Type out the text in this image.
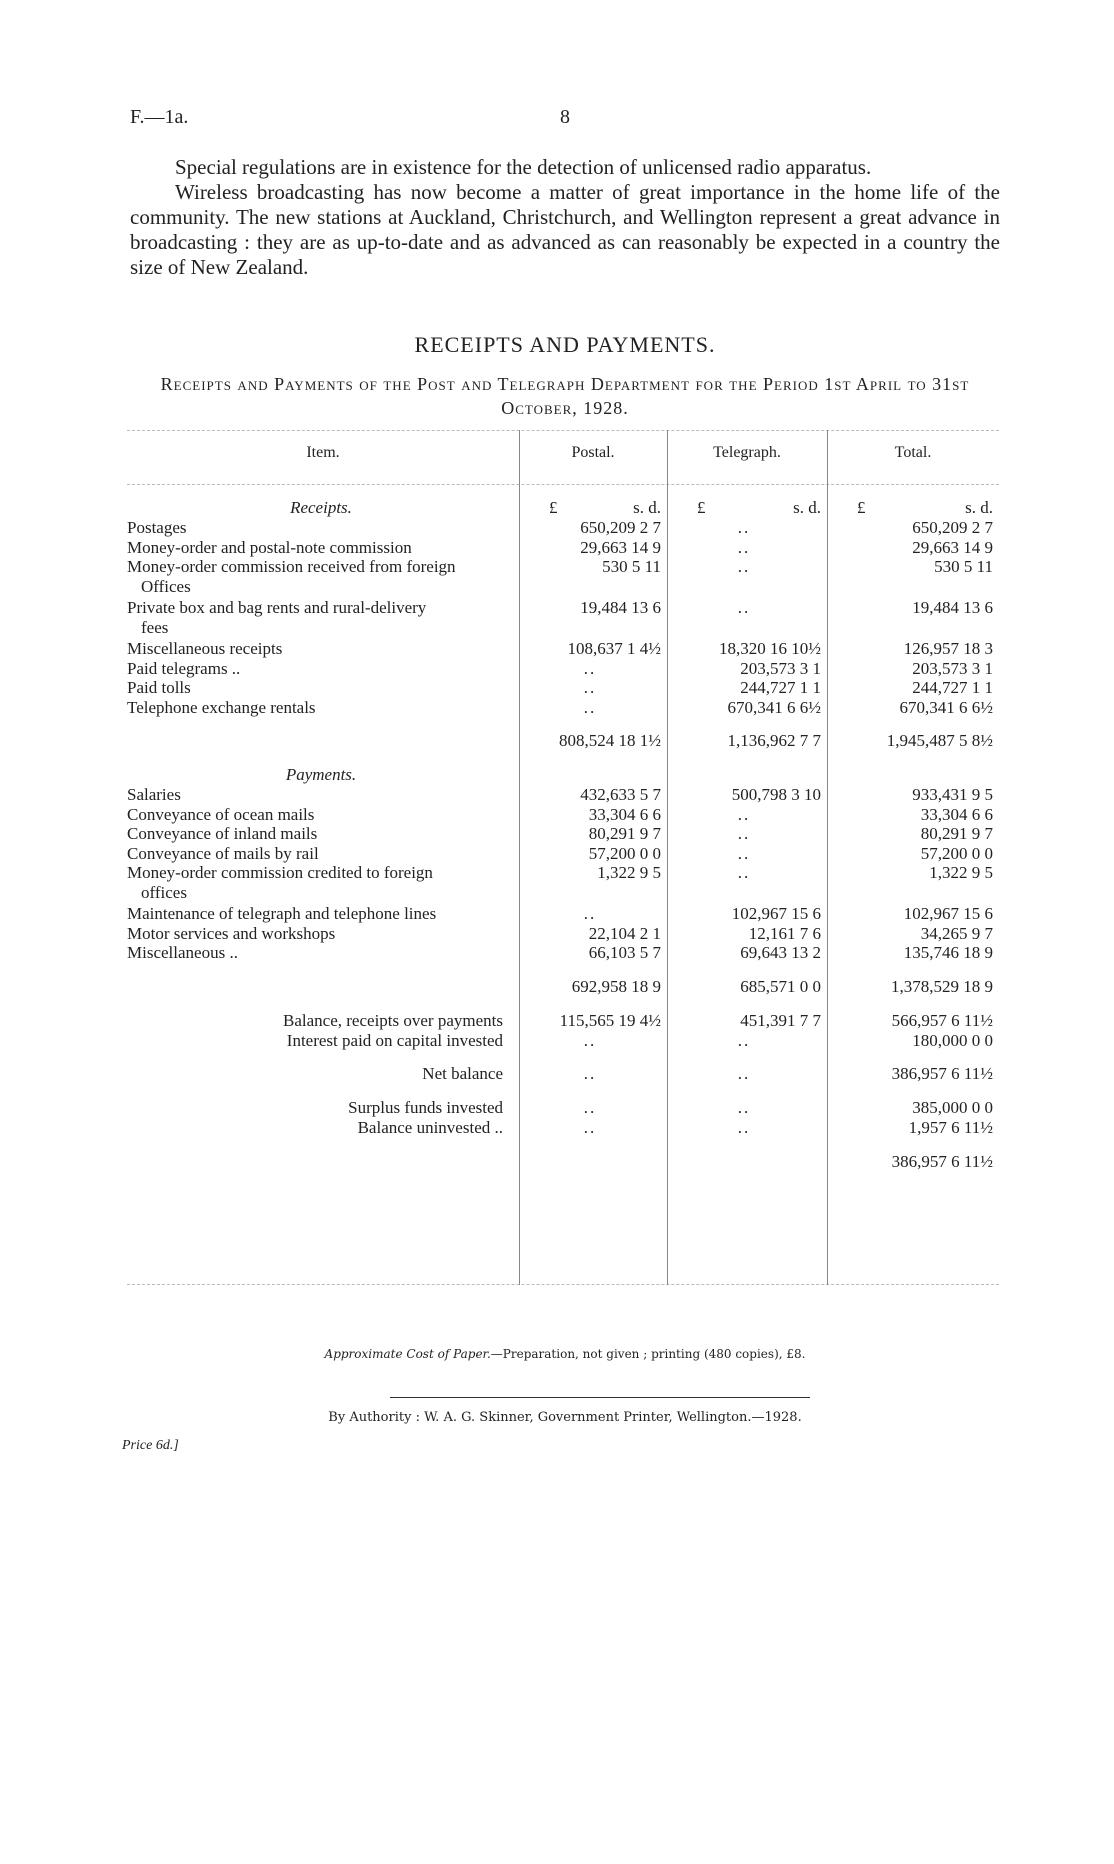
F.—1a.	8

Special regulations are in existence for the detection of unlicensed radio apparatus.

Wireless broadcasting has now become a matter of great importance in the home life of the community. The new stations at Auckland, Christchurch, and Wellington represent a great advance in broadcasting : they are as up-to-date and as advanced as can reasonably be expected in a country the size of New Zealand.

RECEIPTS AND PAYMENTS.
Receipts and Payments of the Post and Telegraph Department for the Period 1st April to 31st October, 1928.
Item.	Postal.	Telegraph.	Total.
Receipts.	£	s. d. £	s. d. £	s. d.
Postages	650,209 2 7	..	650,209 2 7
Money-order and postal-note commission	29,663 14 9	..	29,663 14 9
Money-order commission received from foreign
Offices
530 5 11	..	530 5 11
Private box and bag rents and rural-delivery
fees
19,484 13 6	..	19,484 13 6
Miscellaneous receipts	108,637 1 4½	18,320 16 10½	126,957 18 3
Paid telegrams ..	..	203,573 3 1	203,573 3 1
Paid tolls	..	244,727 1 1	244,727 1 1
Telephone exchange rentals	..	670,341 6 6½	670,341 6 6½
808,524 18 1½	1,136,962 7 7	1,945,487 5 8½
Payments.
Salaries	432,633 5 7	500,798 3 10	933,431 9 5
Conveyance of ocean mails	33,304 6 6	..	33,304 6 6
Conveyance of inland mails	80,291 9 7	..	80,291 9 7
Conveyance of mails by rail	57,200 0 0	..	57,200 0 0
Money-order commission credited to foreign
offices
1,322 9 5	..	1,322 9 5
Maintenance of telegraph and telephone lines	..	102,967 15 6	102,967 15 6
Motor services and workshops	22,104 2 1	12,161 7 6	34,265 9 7
Miscellaneous ..	66,103 5 7	69,643 13 2	135,746 18 9
692,958 18 9	685,571 0 0	1,378,529 18 9
Balance, receipts over payments	115,565 19 4½	451,391 7 7	566,957 6 11½
Interest paid on capital invested	..	..	180,000 0 0
Net balance	..	..	386,957 6 11½
Surplus funds invested	..	..	385,000 0 0
Balance uninvested ..	..	..	1,957 6 11½
386,957 6 11½
Approximate Cost of Paper.—Preparation, not given ; printing (480 copies), £8.
By Authority : W. A. G. Skinner, Government Printer, Wellington.—1928.
Price 6d.]
